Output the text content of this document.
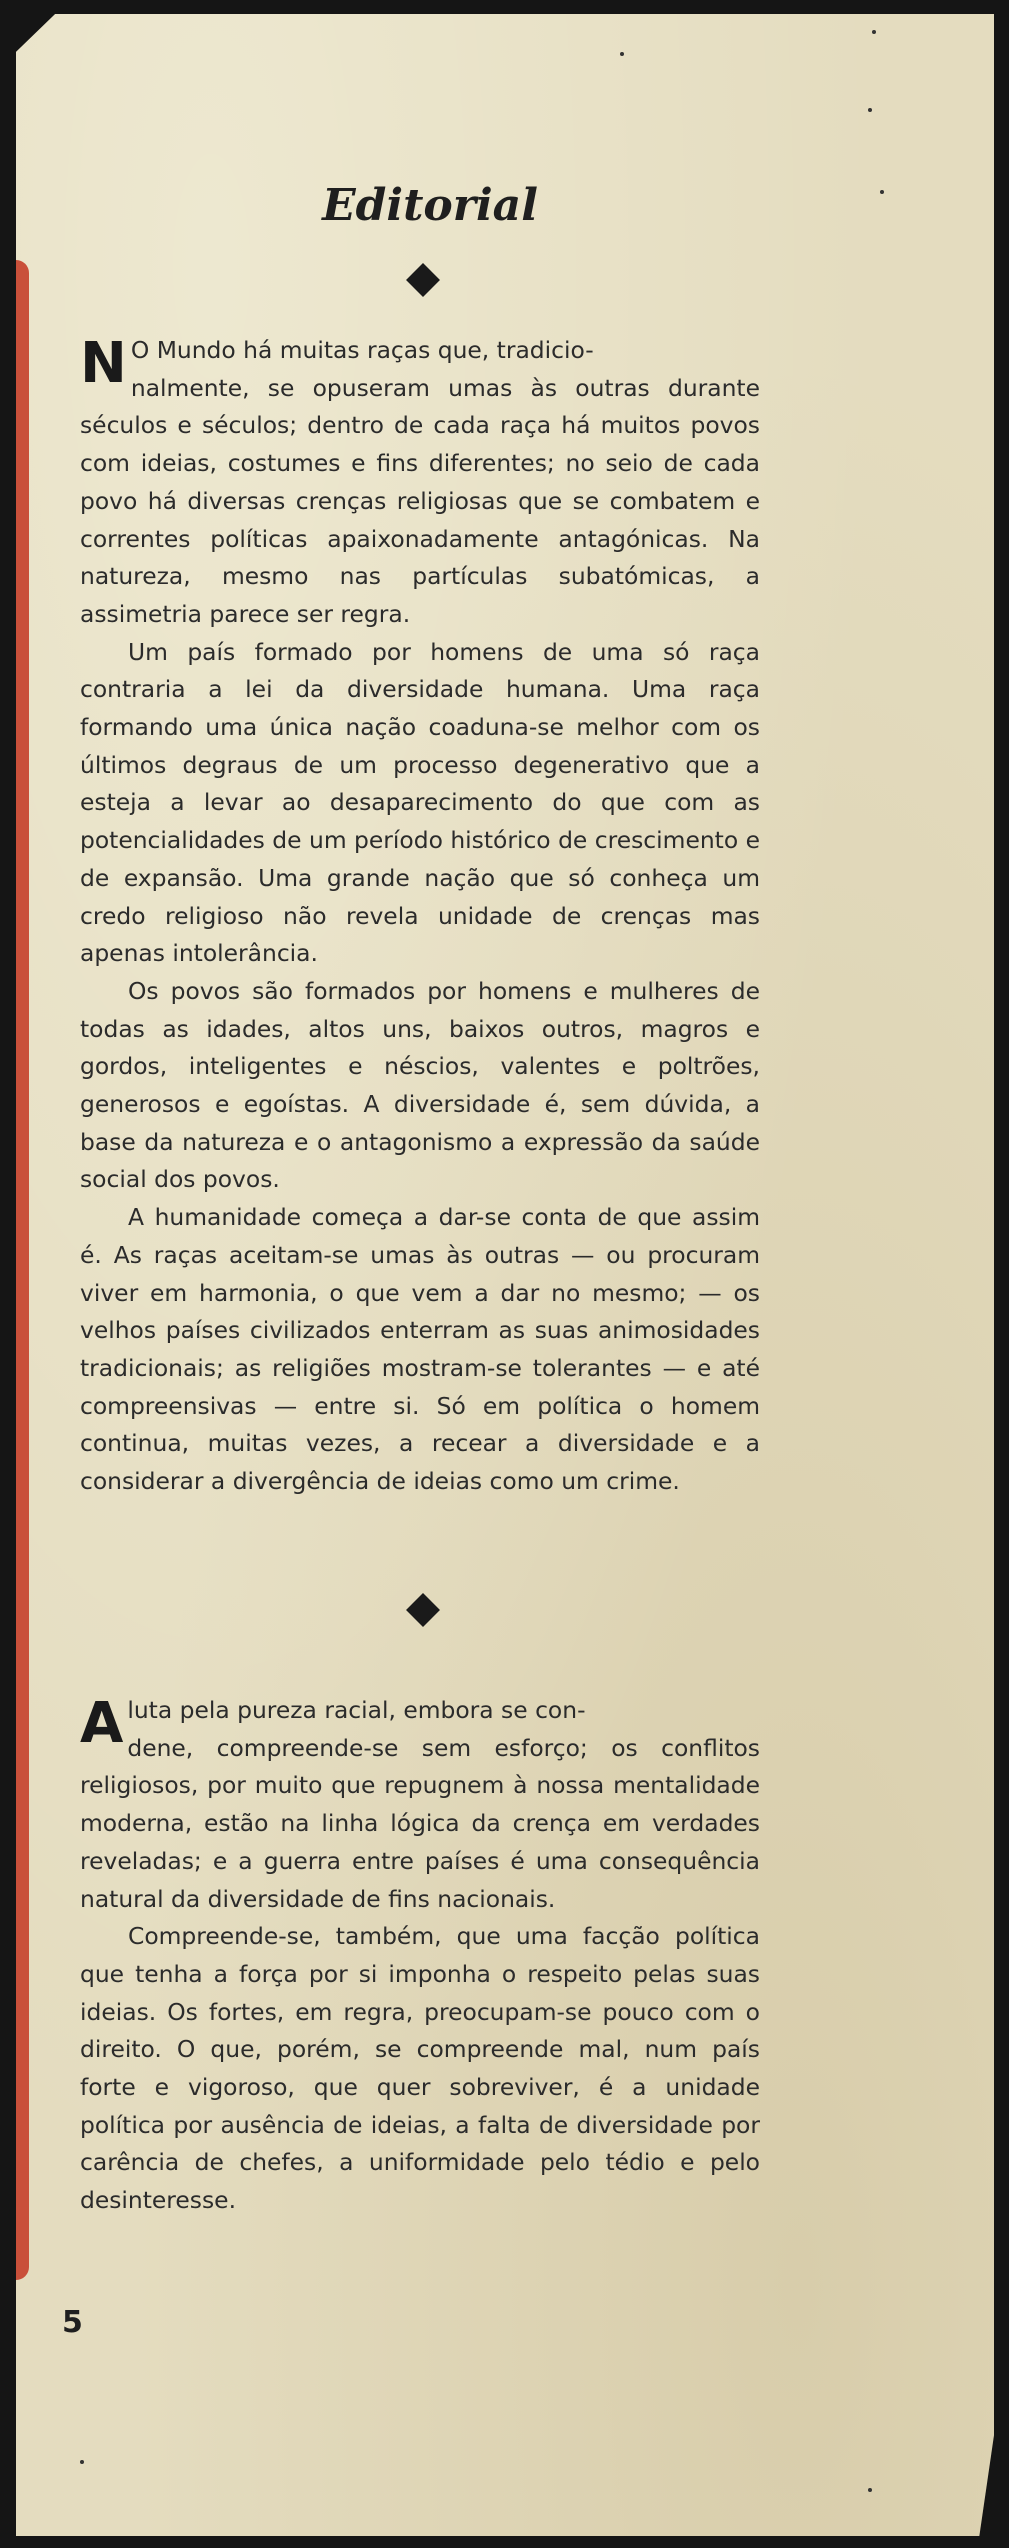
Editorial

N O Mundo há muitas raças que, tradicio-
nalmente, se opuseram umas às outras durante séculos e séculos; dentro de cada raça há muitos povos com ideias, costumes e fins diferentes; no seio de cada povo há diversas crenças religiosas que se combatem e correntes políticas apaixonadamente antagónicas. Na natureza, mesmo nas partículas subatómicas, a assimetria parece ser regra.

Um país formado por homens de uma só raça contraria a lei da diversidade humana. Uma raça formando uma única nação coaduna-se melhor com os últimos degraus de um processo degenerativo que a esteja a levar ao desaparecimento do que com as potencialidades de um período histórico de crescimento e de expansão. Uma grande nação que só conheça um credo religioso não revela unidade de crenças mas apenas intolerância.

Os povos são formados por homens e mulheres de todas as idades, altos uns, baixos outros, magros e gordos, inteligentes e néscios, valentes e poltrões, generosos e egoístas. A diversidade é, sem dúvida, a base da natureza e o antagonismo a expressão da saúde social dos povos.

A humanidade começa a dar-se conta de que assim é. As raças aceitam-se umas às outras — ou procuram viver em harmonia, o que vem a dar no mesmo; — os velhos países civilizados enterram as suas animosidades tradicionais; as religiões mostram-se tolerantes — e até compreensivas — entre si. Só em política o homem continua, muitas vezes, a recear a diversidade e a considerar a divergência de ideias como um crime.

A luta pela pureza racial, embora se con-
dene, compreende-se sem esforço; os conflitos religiosos, por muito que repugnem à nossa mentalidade moderna, estão na linha lógica da crença em verdades reveladas; e a guerra entre países é uma consequência natural da diversidade de fins nacionais.

Compreende-se, também, que uma facção política que tenha a força por si imponha o respeito pelas suas ideias. Os fortes, em regra, preocupam-se pouco com o direito. O que, porém, se compreende mal, num país forte e vigoroso, que quer sobreviver, é a unidade política por ausência de ideias, a falta de diversidade por carência de chefes, a uniformidade pelo tédio e pelo desinteresse.

5
